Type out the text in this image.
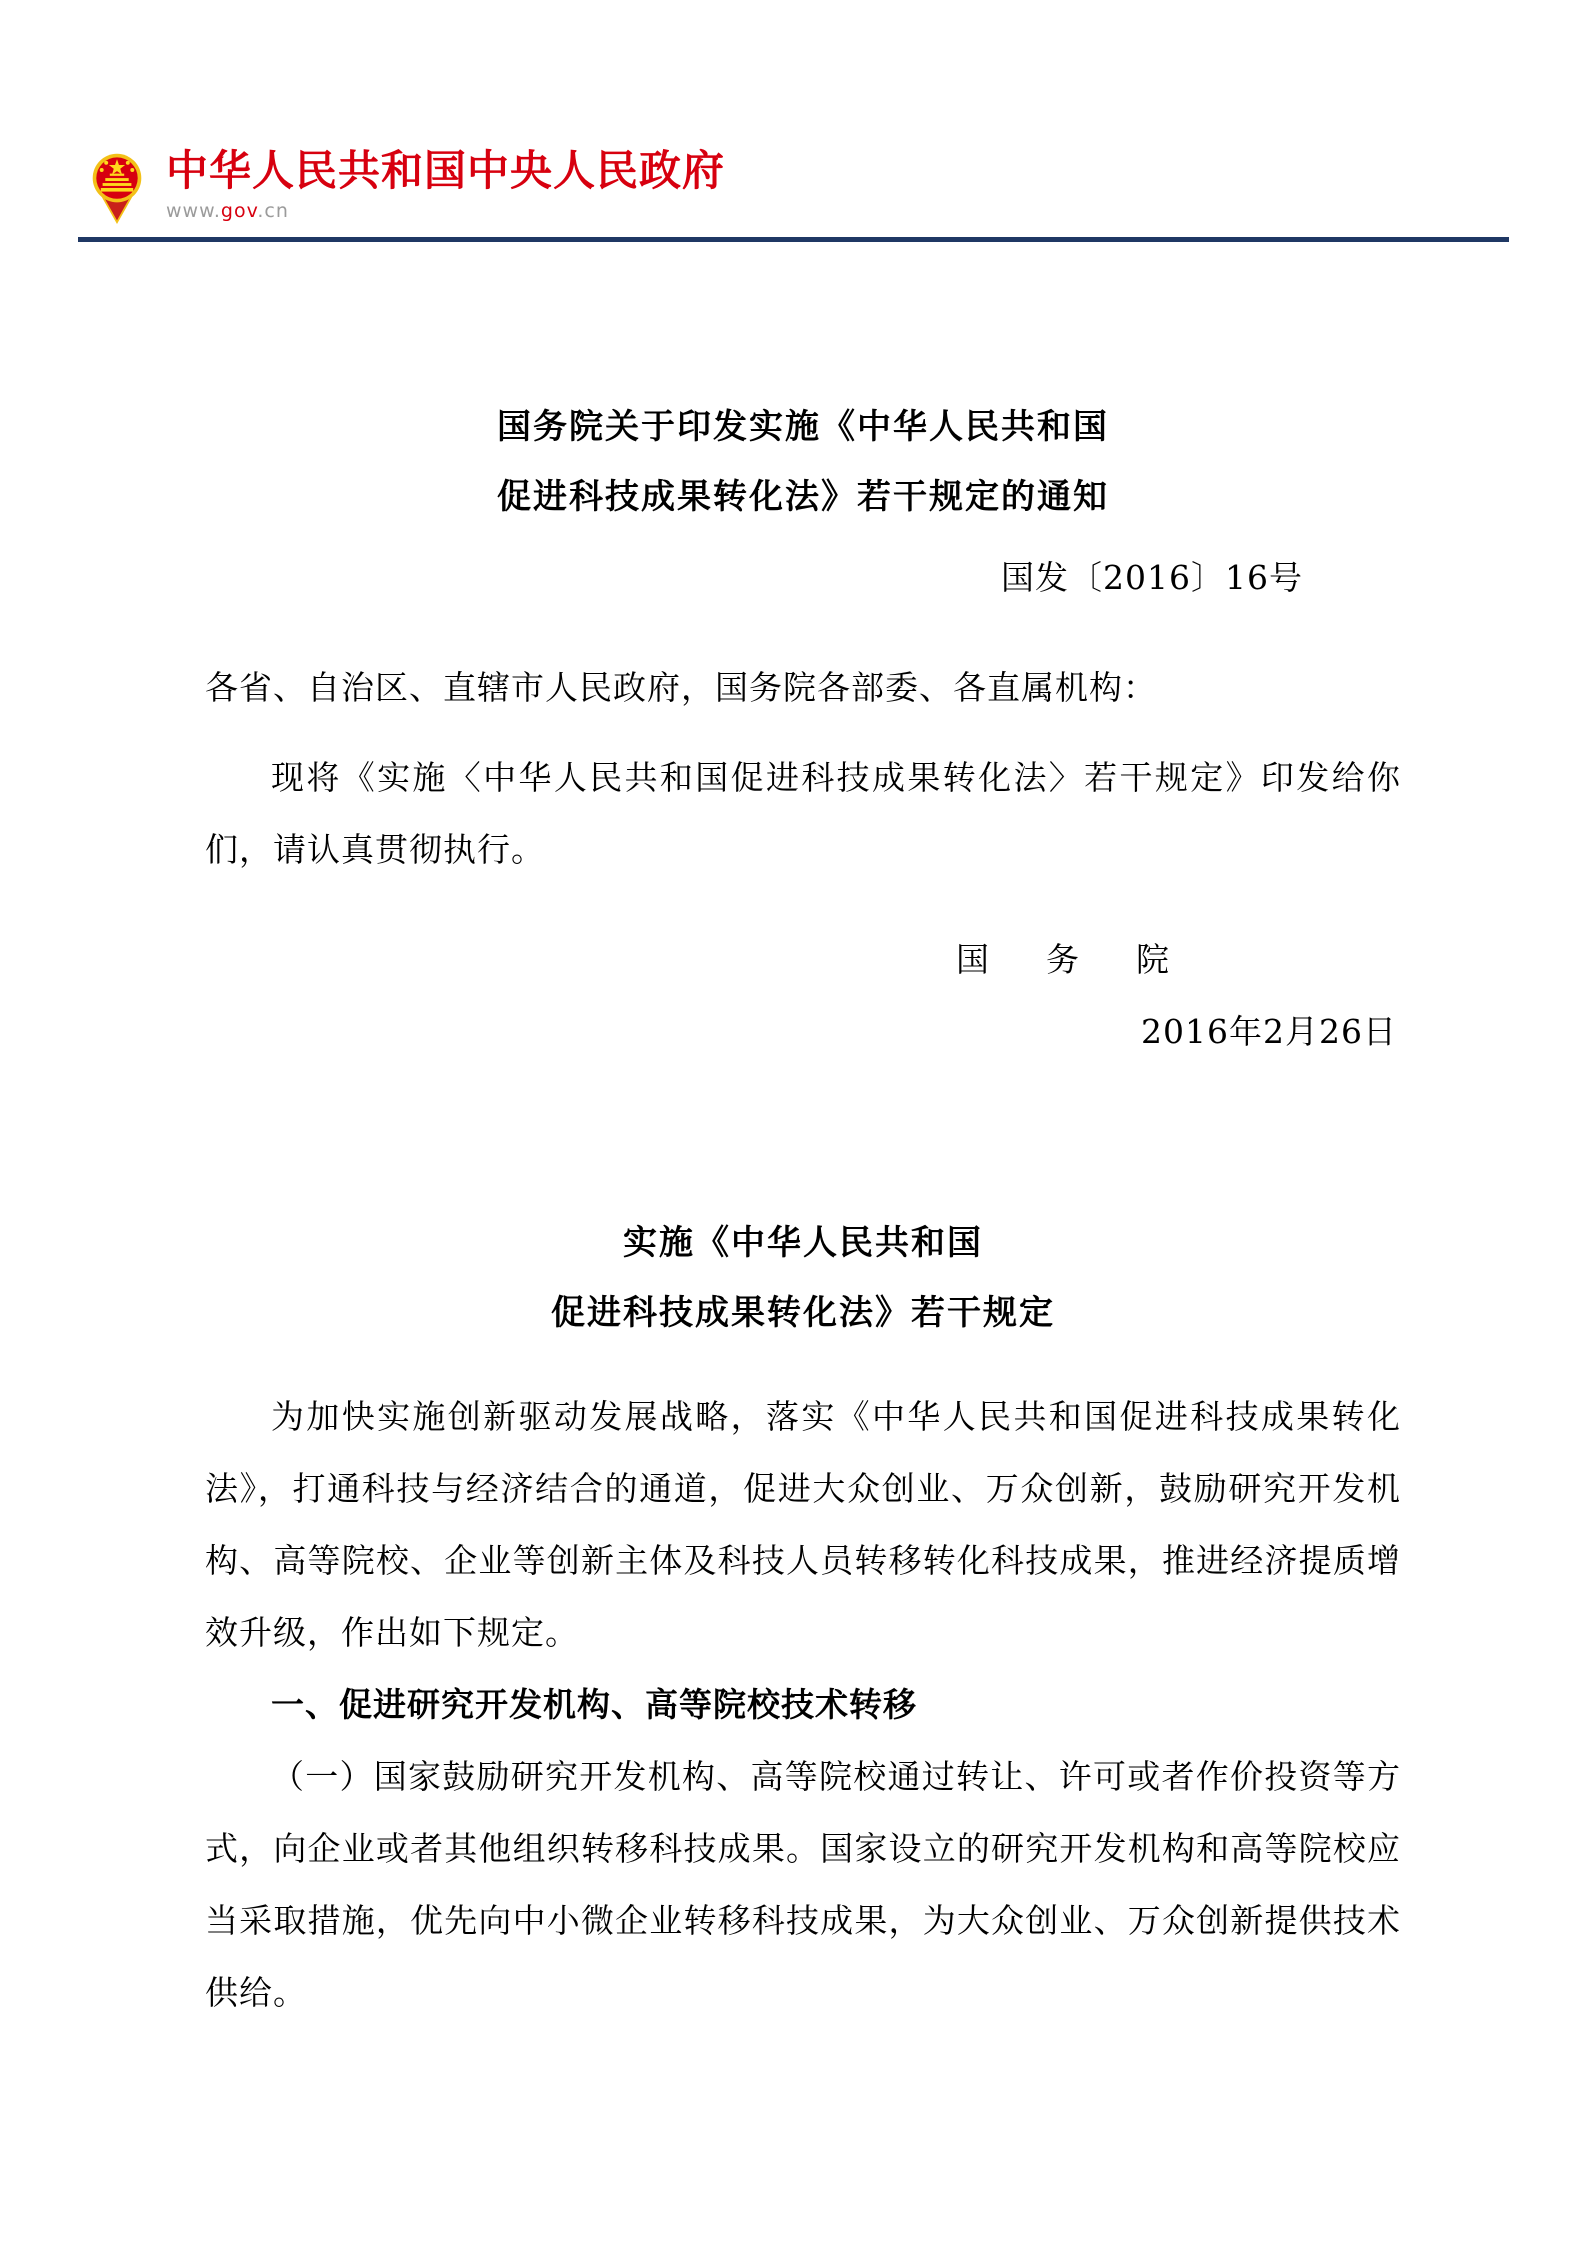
中华人民共和国中央人民政府
www.gov.cn
国务院关于印发实施《中华人民共和国
促进科技成果转化法》若干规定的通知
国发〔2016〕16号

各省、自治区、直辖市人民政府，国务院各部委、各直属机构：

现将《实施〈中华人民共和国促进科技成果转化法〉若干规定》印发给你们，请认真贯彻执行。

国　务　院
2016年2月26日
实施《中华人民共和国
促进科技成果转化法》若干规定

为加快实施创新驱动发展战略，落实《中华人民共和国促进科技成果转化法》，打通科技与经济结合的通道，促进大众创业、万众创新，鼓励研究开发机构、高等院校、企业等创新主体及科技人员转移转化科技成果，推进经济提质增效升级，作出如下规定。

一、促进研究开发机构、高等院校技术转移

（一）国家鼓励研究开发机构、高等院校通过转让、许可或者作价投资等方式，向企业或者其他组织转移科技成果。国家设立的研究开发机构和高等院校应当采取措施，优先向中小微企业转移科技成果，为大众创业、万众创新提供技术供给。
